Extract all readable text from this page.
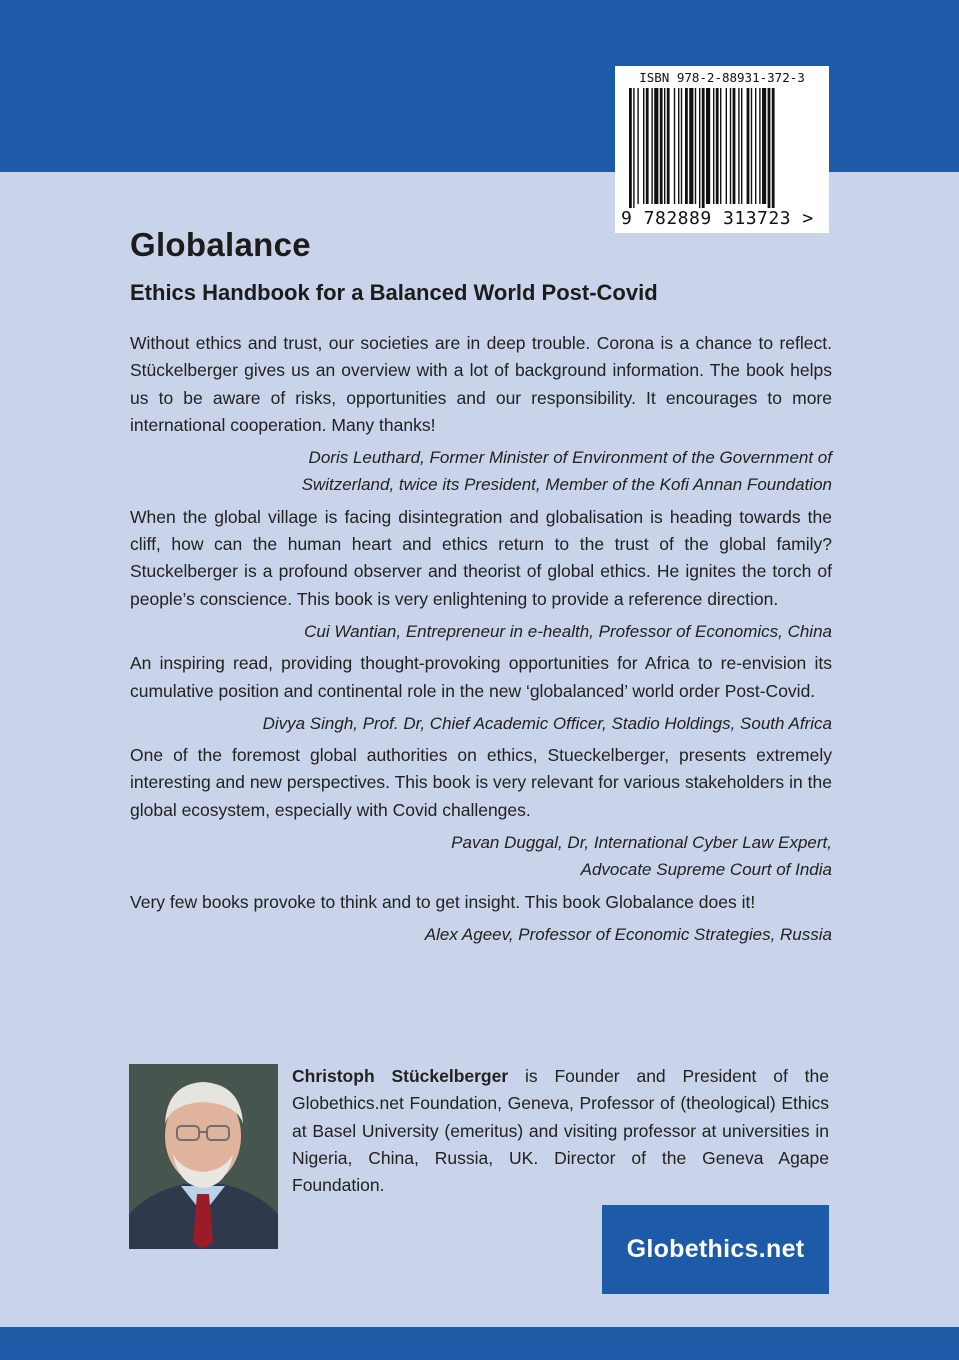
ISBN 978-2-88931-372-3
9 782889 313723 >
Globalance
Ethics Handbook for a Balanced World Post-Covid

Without ethics and trust, our societies are in deep trouble. Corona is a chance to reflect. Stückelberger gives us an overview with a lot of background information. The book helps us to be aware of risks, opportunities and our responsibility. It encourages to more international cooperation. Many thanks!

Doris Leuthard, Former Minister of Environment of the Government of Switzerland, twice its President, Member of the Kofi Annan Foundation

When the global village is facing disintegration and globalisation is heading towards the cliff, how can the human heart and ethics return to the trust of the global family? Stuckelberger is a profound observer and theorist of global ethics. He ignites the torch of people’s conscience. This book is very enlightening to provide a reference direction.

Cui Wantian, Entrepreneur in e-health, Professor of Economics, China

An inspiring read, providing thought-provoking opportunities for Africa to re-envision its cumulative position and continental role in the new ‘globalanced’ world order Post-Covid.

Divya Singh, Prof. Dr, Chief Academic Officer, Stadio Holdings, South Africa

One of the foremost global authorities on ethics, Stueckelberger, presents extremely interesting and new perspectives. This book is very relevant for various stakeholders in the global ecosystem, especially with Covid challenges.

Pavan Duggal, Dr, International Cyber Law Expert,
Advocate Supreme Court of India

Very few books provoke to think and to get insight. This book Globalance does it!

Alex Ageev, Professor of Economic Strategies, Russia

Christoph Stückelberger is Founder and President of the Globethics.net Foundation, Geneva, Professor of (theological) Ethics at Basel University (emeritus) and visiting professor at universities in Nigeria, China, Russia, UK. Director of the Geneva Agape Foundation.

Globethics.net
